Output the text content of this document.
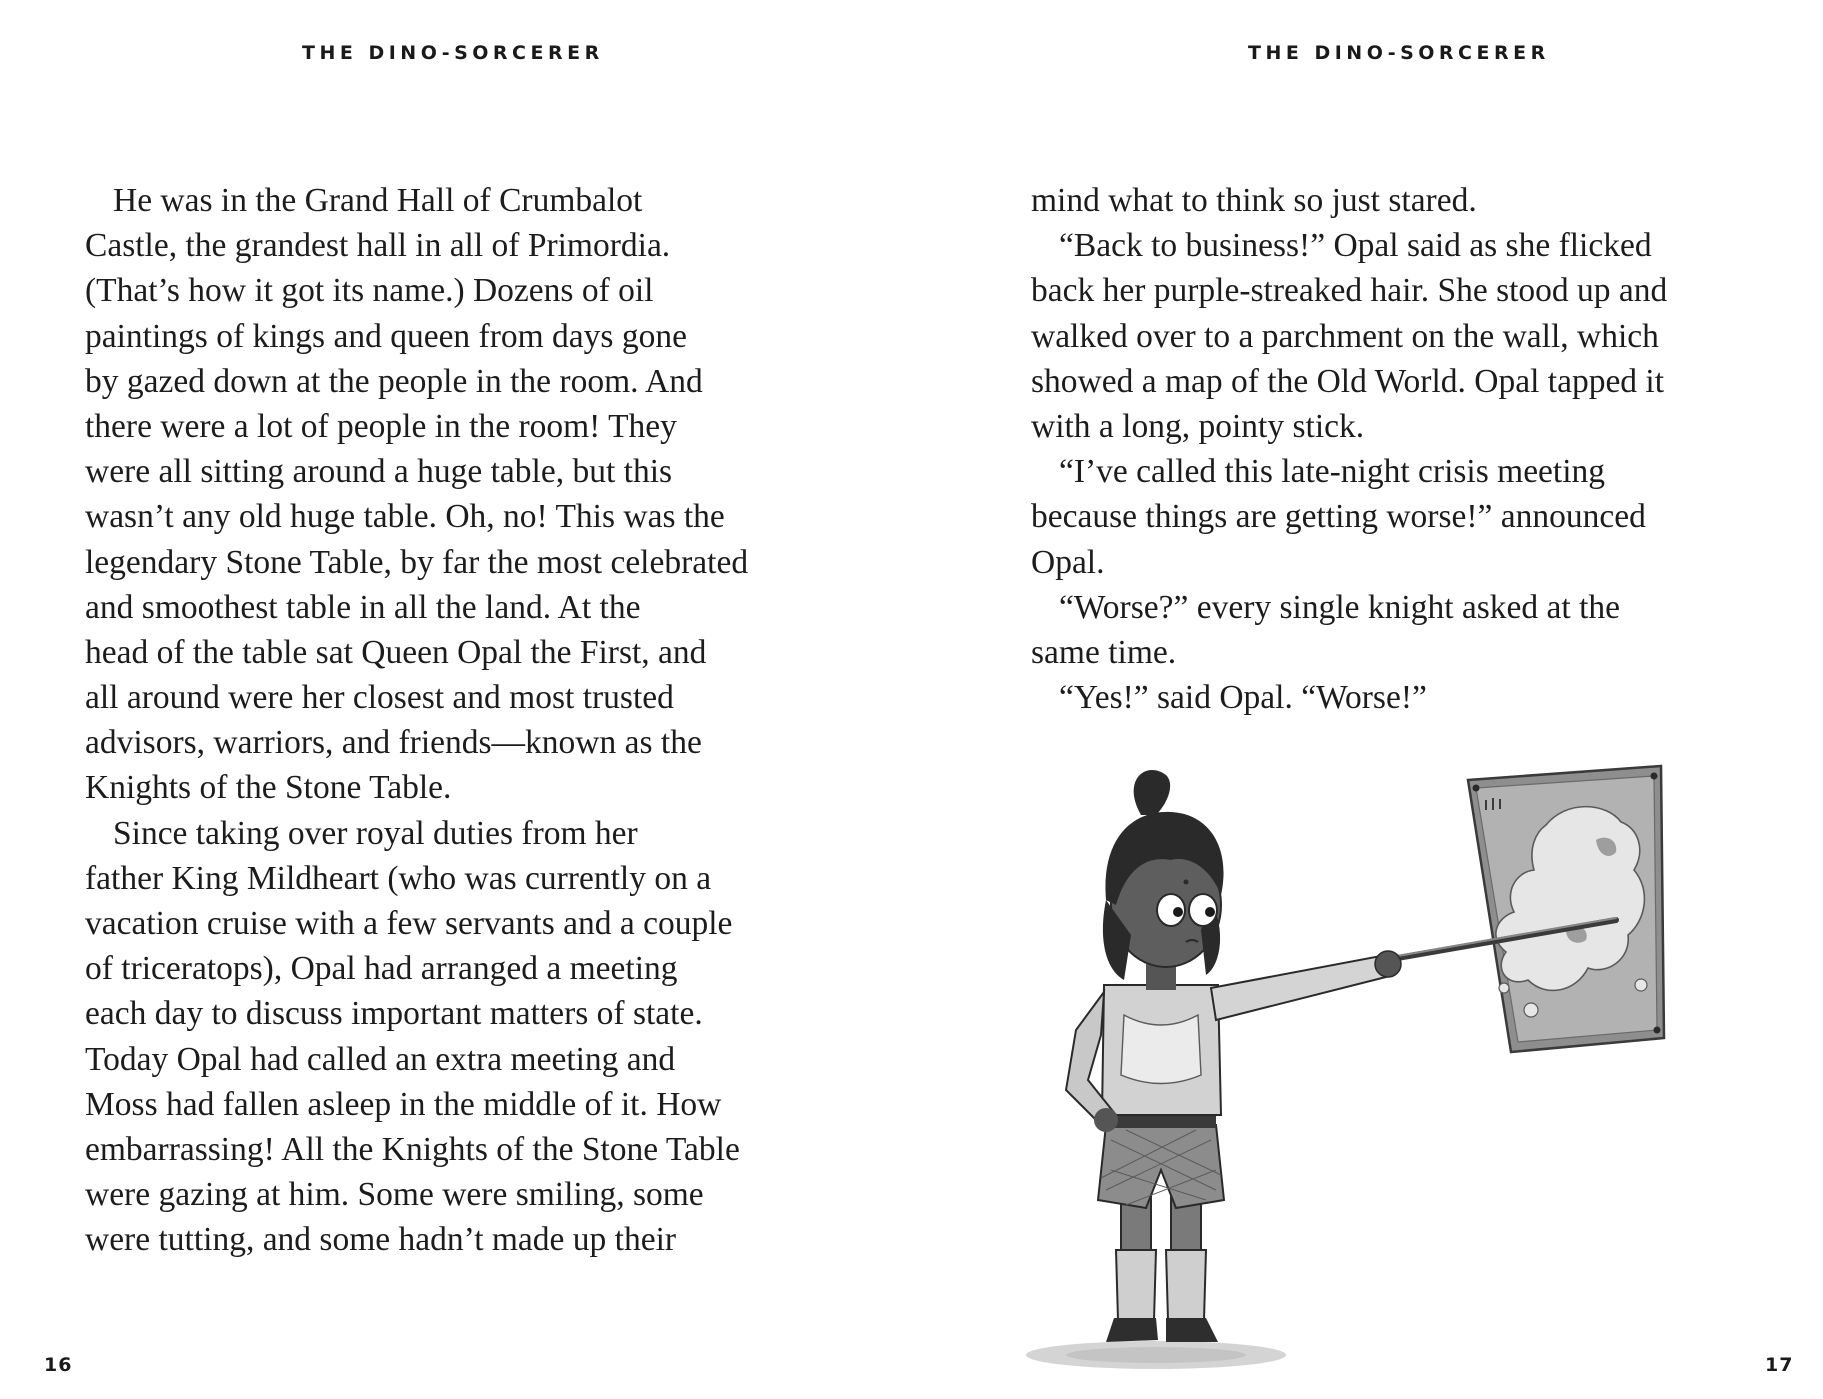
THE DINO-SORCERER
He was in the Grand Hall of Crumbalot
Castle, the grandest hall in all of Primordia.
(That’s how it got its name.) Dozens of oil
paintings of kings and queen from days gone
by gazed down at the people in the room. And
there were a lot of people in the room! They
were all sitting around a huge table, but this
wasn’t any old huge table. Oh, no! This was the
legendary Stone Table, by far the most celebrated
and smoothest table in all the land. At the
head of the table sat Queen Opal the First, and
all around were her closest and most trusted
advisors, warriors, and friends—known as the
Knights of the Stone Table.
Since taking over royal duties from her
father King Mildheart (who was currently on a
vacation cruise with a few servants and a couple
of triceratops), Opal had arranged a meeting
each day to discuss important matters of state.
Today Opal had called an extra meeting and
Moss had fallen asleep in the middle of it. How
embarrassing! All the Knights of the Stone Table
were gazing at him. Some were smiling, some
were tutting, and some hadn’t made up their
16
THE DINO-SORCERER
mind what to think so just stared.
“Back to business!” Opal said as she flicked
back her purple-streaked hair. She stood up and
walked over to a parchment on the wall, which
showed a map of the Old World. Opal tapped it
with a long, pointy stick.
“I’ve called this late-night crisis meeting
because things are getting worse!” announced
Opal.
“Worse?” every single knight asked at the
same time.
“Yes!” said Opal. “Worse!”
17
